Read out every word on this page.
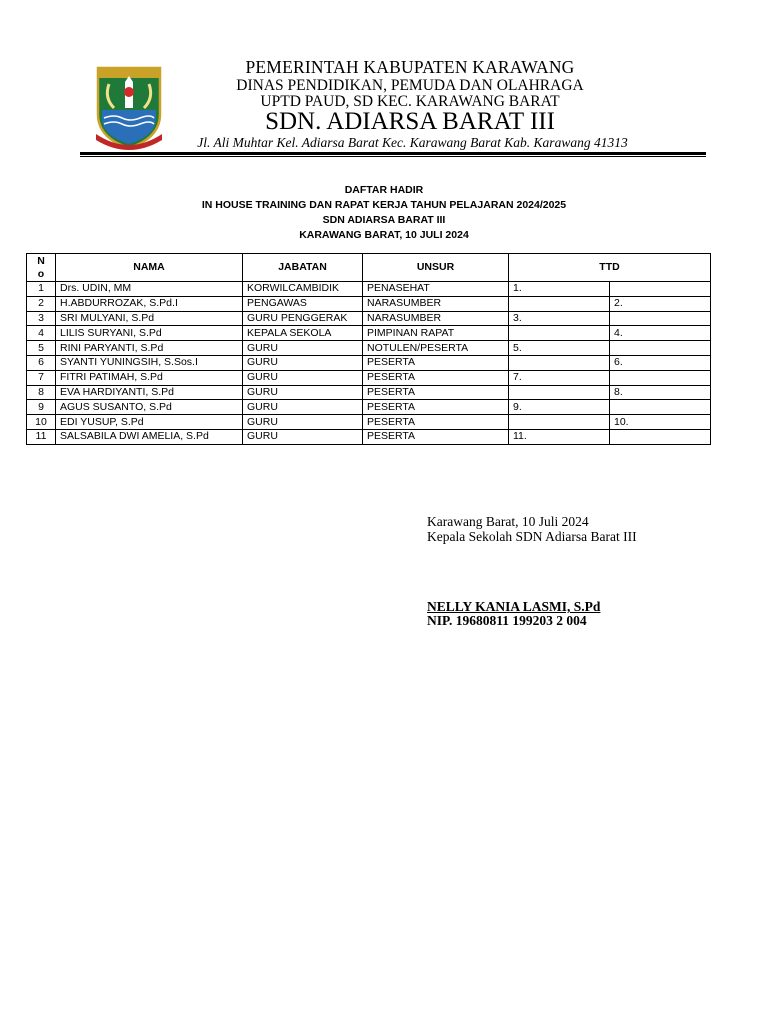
PEMERINTAH KABUPATEN KARAWANG
DINAS PENDIDIKAN, PEMUDA DAN OLAHRAGA
UPTD PAUD, SD KEC. KARAWANG BARAT
SDN. ADIARSA BARAT III
Jl. Ali Muhtar Kel. Adiarsa Barat Kec. Karawang Barat Kab. Karawang 41313
DAFTAR HADIR
IN HOUSE TRAINING DAN RAPAT KERJA TAHUN PELAJARAN 2024/2025
SDN ADIARSA BARAT III
KARAWANG BARAT, 10 JULI 2024
N
o	NAMA	JABATAN	UNSUR	TTD	
1	Drs. UDIN, MM	KORWILCAMBIDIK	PENASEHAT	1.	
2	H.ABDURROZAK, S.Pd.I	PENGAWAS	NARASUMBER		2.
3	SRI MULYANI, S.Pd	GURU PENGGERAK	NARASUMBER	3.	
4	LILIS SURYANI, S.Pd	KEPALA SEKOLA	PIMPINAN RAPAT		4.
5	RINI PARYANTI, S.Pd	GURU	NOTULEN/PESERTA	5.	
6	SYANTI YUNINGSIH, S.Sos.I	GURU	PESERTA		6.
7	FITRI PATIMAH, S.Pd	GURU	PESERTA	7.	
8	EVA HARDIYANTI, S.Pd	GURU	PESERTA		8.
9	AGUS SUSANTO, S.Pd	GURU	PESERTA	9.	
10	EDI YUSUP, S.Pd	GURU	PESERTA		10.
11	SALSABILA DWI AMELIA, S.Pd	GURU	PESERTA	11.	
Karawang Barat, 10 Juli 2024
Kepala Sekolah SDN Adiarsa Barat III
NELLY KANIA LASMI, S.Pd
NIP. 19680811 199203 2 004
